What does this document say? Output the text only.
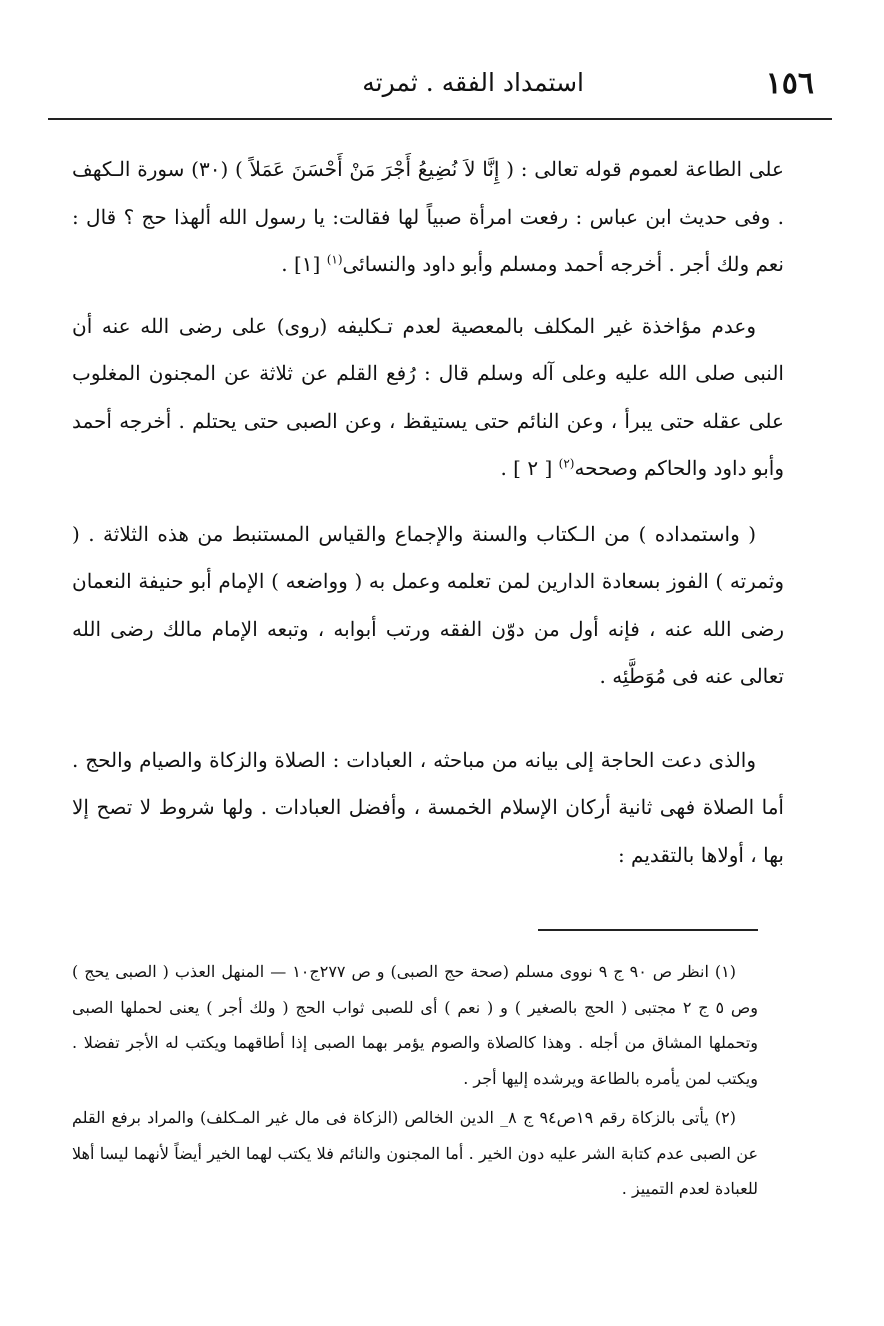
١٥٦
استمداد الفقه . ثمرته

على الطاعة لعموم قوله تعالى : ( إِنَّا لاَ نُضِيعُ أَجْرَ مَنْ أَحْسَنَ عَمَلاً ) (٣٠) سورة الـكهف . وفى حديث ابن عباس : رفعت امرأة صبياً لها فقالت: يا رسول الله ألهذا حج ؟ قال : نعم ولك أجر . أخرجه أحمد ومسلم وأبو داود والنسائى$^{(١)}$ [١] .

وعدم مؤاخذة غير المكلف بالمعصية لعدم تـكليفه (روى) على رضى الله عنه أن النبى صلى الله عليه وعلى آله وسلم قال : رُفع القلم عن ثلاثة عن المجنون المغلوب على عقله حتى يبرأ ، وعن النائم حتى يستيقظ ، وعن الصبى حتى يحتلم . أخرجه أحمد وأبو داود والحاكم وصححه$^{(٢)}$ [ ٢ ] .

( واستمداده ) من الـكتاب والسنة والإجماع والقياس المستنبط من هذه الثلاثة . ( وثمرته ) الفوز بسعادة الدارين لمن تعلمه وعمل به ( وواضعه ) الإمام أبو حنيفة النعمان رضى الله عنه ، فإنه أول من دوّن الفقه ورتب أبوابه ، وتبعه الإمام مالك رضى الله تعالى عنه فى مُوَطَّئِه .

والذى دعت الحاجة إلى بيانه من مباحثه ، العبادات : الصلاة والزكاة والصيام والحج . أما الصلاة فهى ثانية أركان الإسلام الخمسة ، وأفضل العبادات . ولها شروط لا تصح إلا بها ، أولاها بالتقديم :

(١) انظر ص ٩٠ ج ٩ نووى مسلم (صحة حج الصبى) و ص ٢٧٧ج١٠ — المنهل العذب ( الصبى يحج ) وص ٥ ج ٢ مجتبى ( الحج بالصغير ) و ( نعم ) أى للصبى ثواب الحج ( ولك أجر ) يعنى لحملها الصبى وتحملها المشاق من أجله . وهذا كالصلاة والصوم يؤمر بهما الصبى إذا أطاقهما ويكتب له الأجر تفضلا . ويكتب لمن يأمره بالطاعة ويرشده إليها أجر .

(٢) يأتى بالزكاة رقم ١٩ص٩٤ ج ٨_ الدين الخالص (الزكاة فى مال غير المـكلف) والمراد برفع القلم عن الصبى عدم كتابة الشر عليه دون الخير . أما المجنون والنائم فلا يكتب لهما الخير أيضاً لأنهما ليسا أهلا للعبادة لعدم التمييز .
